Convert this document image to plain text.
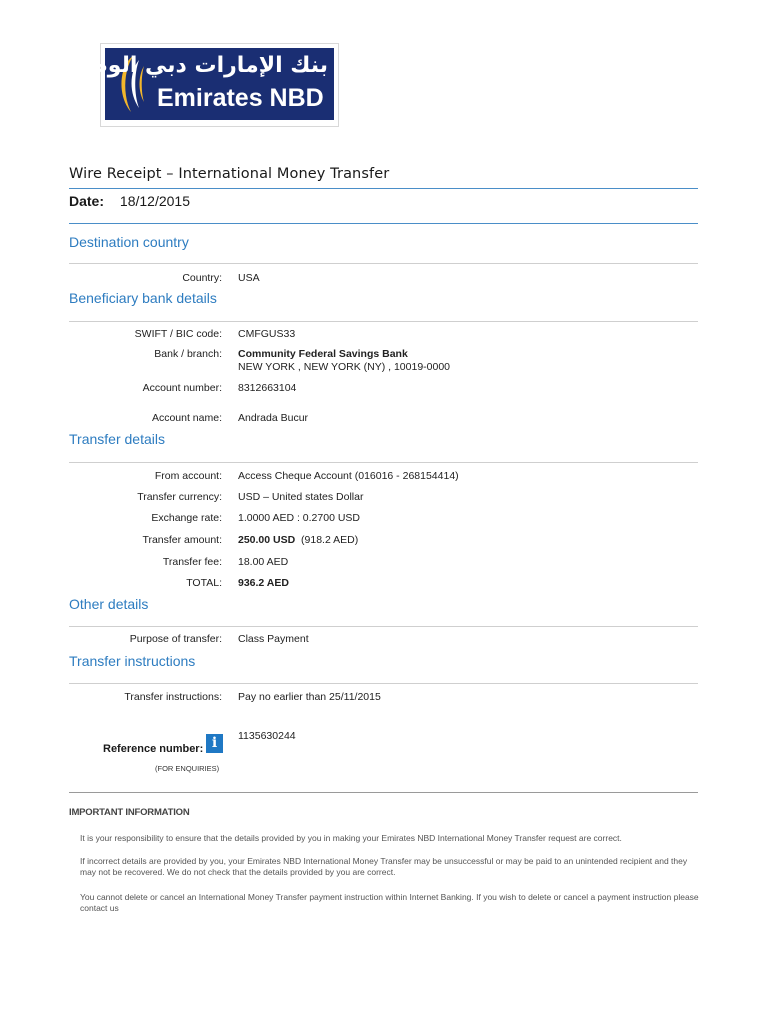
بنك الإمارات دبي الوطني
Emirates NBD
Wire Receipt – International Money Transfer
Date: 18/12/2015
Destination country
Country: USA
Beneficiary bank details
SWIFT / BIC code: CMFGUS33
Bank / branch: Community Federal Savings Bank
NEW YORK , NEW YORK (NY) , 10019-0000
Account number: 8312663104
Account name: Andrada Bucur
Transfer details
From account: Access Cheque Account (016016 - 268154414)
Transfer currency: USD – United states Dollar
Exchange rate: 1.0000 AED : 0.2700 USD
Transfer amount: 250.00 USD (918.2 AED)
Transfer fee: 18.00 AED
TOTAL: 936.2 AED
Other details
Purpose of transfer: Class Payment
Transfer instructions
Transfer instructions: Pay no earlier than 25/11/2015
Reference number: i	1135630244
(FOR ENQUIRIES)
IMPORTANT INFORMATION
It is your responsibility to ensure that the details provided by you in making your Emirates NBD International Money Transfer request are correct.
If incorrect details are provided by you, your Emirates NBD International Money Transfer may be unsuccessful or may be paid to an unintended recipient and they may not be recovered. We do not check that the details provided by you are correct.
You cannot delete or cancel an International Money Transfer payment instruction within Internet Banking. If you wish to delete or cancel a payment instruction please contact us
